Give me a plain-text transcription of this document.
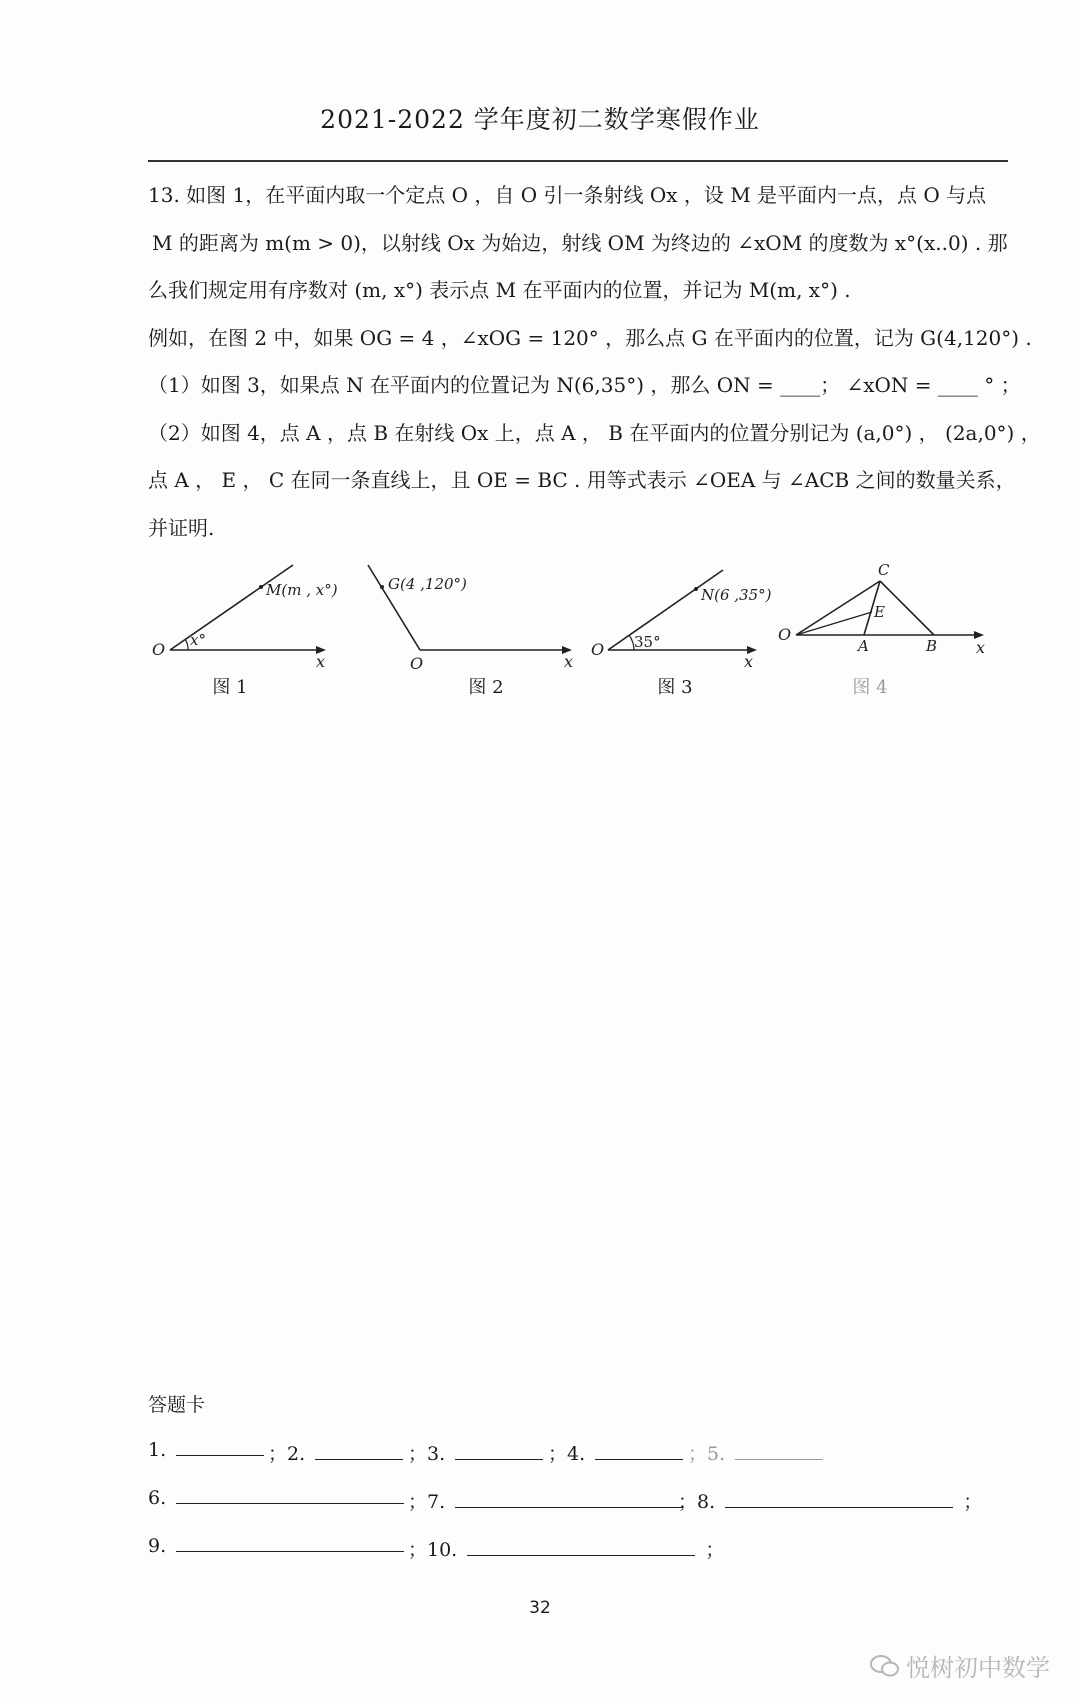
2021-2022 学年度初二数学寒假作业

13. 如图 1，在平面内取一个定点 O ，自 O 引一条射线 Ox ，设 M 是平面内一点，点 O 与点

M 的距离为 m(m > 0)，以射线 Ox 为始边，射线 OM 为终边的 ∠xOM 的度数为 x°(x..0) . 那

么我们规定用有序数对 (m, x°) 表示点 M 在平面内的位置，并记为 M(m, x°) .

例如，在图 2 中，如果 OG = 4 ，∠xOG = 120° ，那么点 G 在平面内的位置，记为 G(4,120°) .

（1）如图 3，如果点 N 在平面内的位置记为 N(6,35°) ，那么 ON = ____； ∠xON = ____ ° ；

（2）如图 4，点 A ，点 B 在射线 Ox 上，点 A ， B 在平面内的位置分别记为 (a,0°) ， (2a,0°) ，

点 A ， E ， C 在同一条直线上，且 OE = BC . 用等式表示 ∠OEA 与 ∠ACB 之间的数量关系，

并证明.

O
x
x°
M(m , x°)
O	x
G(4 ,120°)
O
x
35°
N(6 ,35°)
C
E
A	B
O
x
图 1	图 2	图 3	图 4
答题卡
1.	；2.	；3.	；4.	；5.
6.	；7.	；8.	；
9.	；10.	；
32
悦树初中数学
